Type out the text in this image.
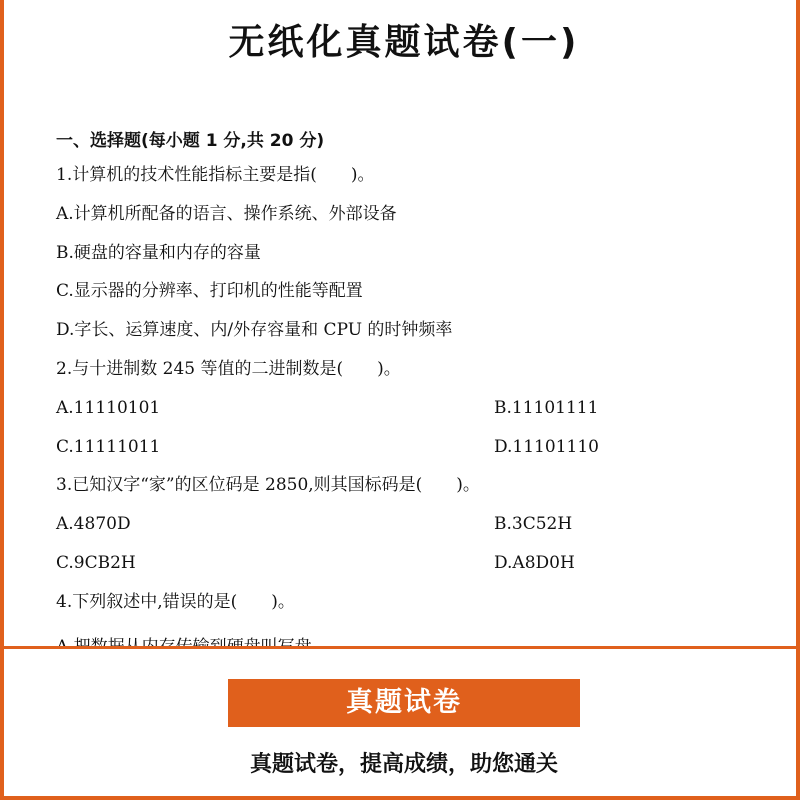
无纸化真题试卷(一)
一、选择题(每小题 1 分,共 20 分)
1.计算机的技术性能指标主要是指(　　)。
A.计算机所配备的语言、操作系统、外部设备
B.硬盘的容量和内存的容量
C.显示器的分辨率、打印机的性能等配置
D.字长、运算速度、内/外存容量和 CPU 的时钟频率
2.与十进制数 245 等值的二进制数是(　　)。
A.11110101	B.11101111
C.11111011	D.11101110
3.已知汉字“家”的区位码是 2850,则其国标码是(　　)。
A.4870D	B.3C52H
C.9CB2H	D.A8D0H
4.下列叙述中,错误的是(　　)。
真题试卷
真题试卷，提高成绩，助您通关
